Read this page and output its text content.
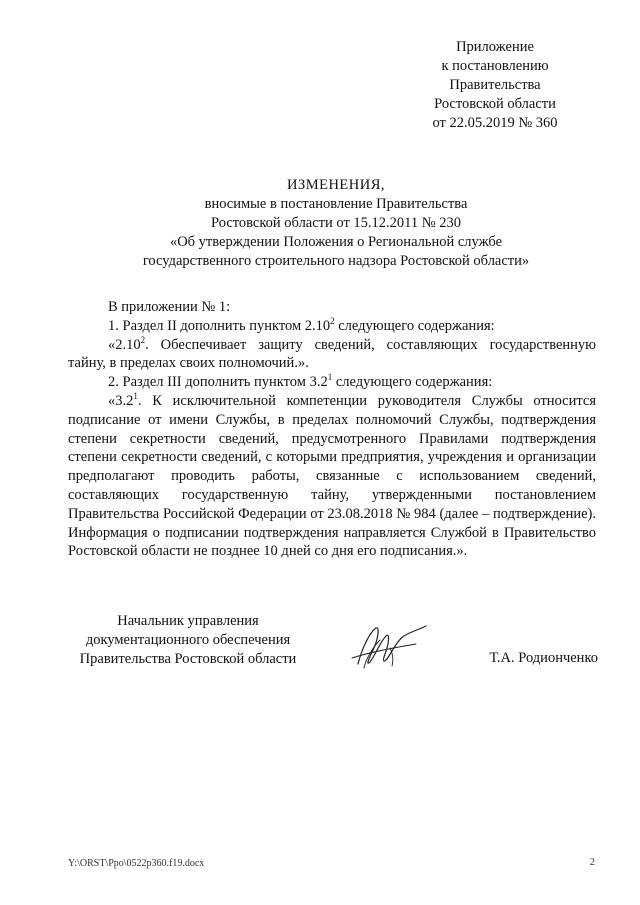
Приложение
к постановлению
Правительства
Ростовской области
от 22.05.2019 № 360
ИЗМЕНЕНИЯ,
вносимые в постановление Правительства
Ростовской области от 15.12.2011 № 230
«Об утверждении Положения о Региональной службе
государственного строительного надзора Ростовской области»

В приложении № 1:

1. Раздел II дополнить пунктом 2.10$^2$ следующего содержания:

«2.10$^2$. Обеспечивает защиту сведений, составляющих государственную тайну, в пределах своих полномочий.».

2. Раздел III дополнить пунктом $3.2^1$ следующего содержания:

«$3.2^1$. К исключительной компетенции руководителя Службы относится подписание от имени Службы, в пределах полномочий Службы, подтверждения степени секретности сведений, предусмотренного Правилами подтверждения степени секретности сведений, с которыми предприятия, учреждения и организации предполагают проводить работы, связанные с использованием сведений, составляющих государственную тайну, утвержденными постановлением Правительства Российской Федерации от 23.08.2018 № 984 (далее – подтверждение). Информация о подписании подтверждения направляется Службой в Правительство Ростовской области не позднее 10 дней со дня его подписания.».

Начальник управления
документационного обеспечения
Правительства Ростовской области	Т.А. Родионченко
Y:\ORST\Ppo\0522p360.f19.docx	2
